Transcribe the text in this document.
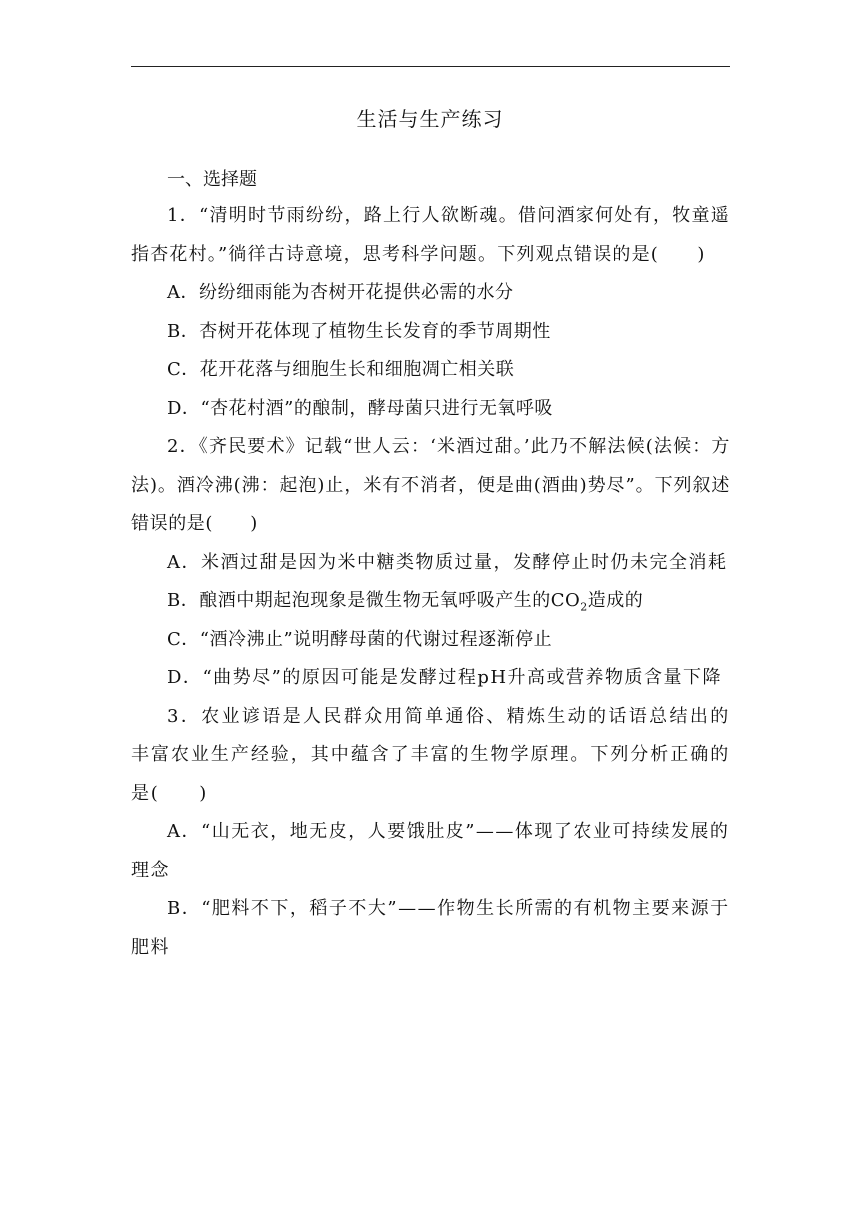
生活与生产练习

一、选择题

1．“清明时节雨纷纷，路上行人欲断魂。借问酒家何处有，牧童遥指杏花村。”徜徉古诗意境，思考科学问题。下列观点错误的是(　　)

A．纷纷细雨能为杏树开花提供必需的水分

B．杏树开花体现了植物生长发育的季节周期性

C．花开花落与细胞生长和细胞凋亡相关联

D．“杏花村酒”的酿制，酵母菌只进行无氧呼吸

2．《齐民要术》记载“世人云：‘米酒过甜。’此乃不解法候(法候：方法)。酒冷沸(沸：起泡)止，米有不消者，便是曲(酒曲)势尽”。下列叙述错误的是(　　)

A．米酒过甜是因为米中糖类物质过量，发酵停止时仍未完全消耗

B．酿酒中期起泡现象是微生物无氧呼吸产生的$CO_2$造成的

C．“酒冷沸止”说明酵母菌的代谢过程逐渐停止

D．“曲势尽”的原因可能是发酵过程pH升高或营养物质含量下降

3．农业谚语是人民群众用简单通俗、精炼生动的话语总结出的丰富农业生产经验，其中蕴含了丰富的生物学原理。下列分析正确的是(　　)

A．“山无衣，地无皮，人要饿肚皮”——体现了农业可持续发展的理念

B．“肥料不下，稻子不大”——作物生长所需的有机物主要来源于肥料
